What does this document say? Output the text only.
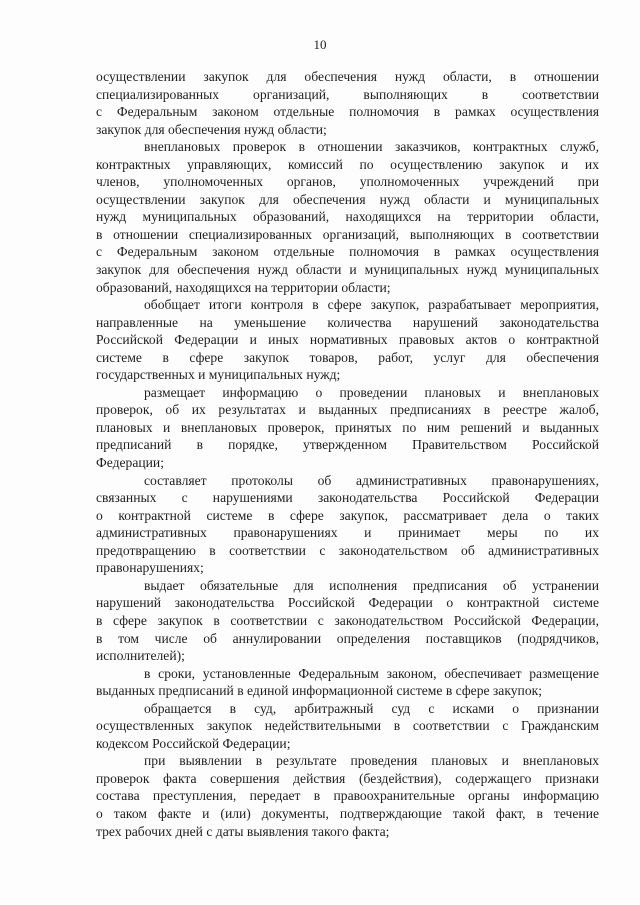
10
осуществлении закупок для обеспечения нужд области, в отношении
специализированных организаций, выполняющих в соответствии
с Федеральным законом отдельные полномочия в рамках осуществления
закупок для обеспечения нужд области;
внеплановых проверок в отношении заказчиков, контрактных служб,
контрактных управляющих, комиссий по осуществлению закупок и их
членов, уполномоченных органов, уполномоченных учреждений при
осуществлении закупок для обеспечения нужд области и муниципальных
нужд муниципальных образований, находящихся на территории области,
в отношении специализированных организаций, выполняющих в соответствии
с Федеральным законом отдельные полномочия в рамках осуществления
закупок для обеспечения нужд области и муниципальных нужд муниципальных
образований, находящихся на территории области;
обобщает итоги контроля в сфере закупок, разрабатывает мероприятия,
направленные на уменьшение количества нарушений законодательства
Российской Федерации и иных нормативных правовых актов о контрактной
системе в сфере закупок товаров, работ, услуг для обеспечения
государственных и муниципальных нужд;
размещает информацию о проведении плановых и внеплановых
проверок, об их результатах и выданных предписаниях в реестре жалоб,
плановых и внеплановых проверок, принятых по ним решений и выданных
предписаний в порядке, утвержденном Правительством Российской
Федерации;
составляет протоколы об административных правонарушениях,
связанных с нарушениями законодательства Российской Федерации
о контрактной системе в сфере закупок, рассматривает дела о таких
административных правонарушениях и принимает меры по их
предотвращению в соответствии с законодательством об административных
правонарушениях;
выдает обязательные для исполнения предписания об устранении
нарушений законодательства Российской Федерации о контрактной системе
в сфере закупок в соответствии с законодательством Российской Федерации,
в том числе об аннулировании определения поставщиков (подрядчиков,
исполнителей);
в сроки, установленные Федеральным законом, обеспечивает размещение
выданных предписаний в единой информационной системе в сфере закупок;
обращается в суд, арбитражный суд с исками о признании
осуществленных закупок недействительными в соответствии с Гражданским
кодексом Российской Федерации;
при выявлении в результате проведения плановых и внеплановых
проверок факта совершения действия (бездействия), содержащего признаки
состава преступления, передает в правоохранительные органы информацию
о таком факте и (или) документы, подтверждающие такой факт, в течение
трех рабочих дней с даты выявления такого факта;
